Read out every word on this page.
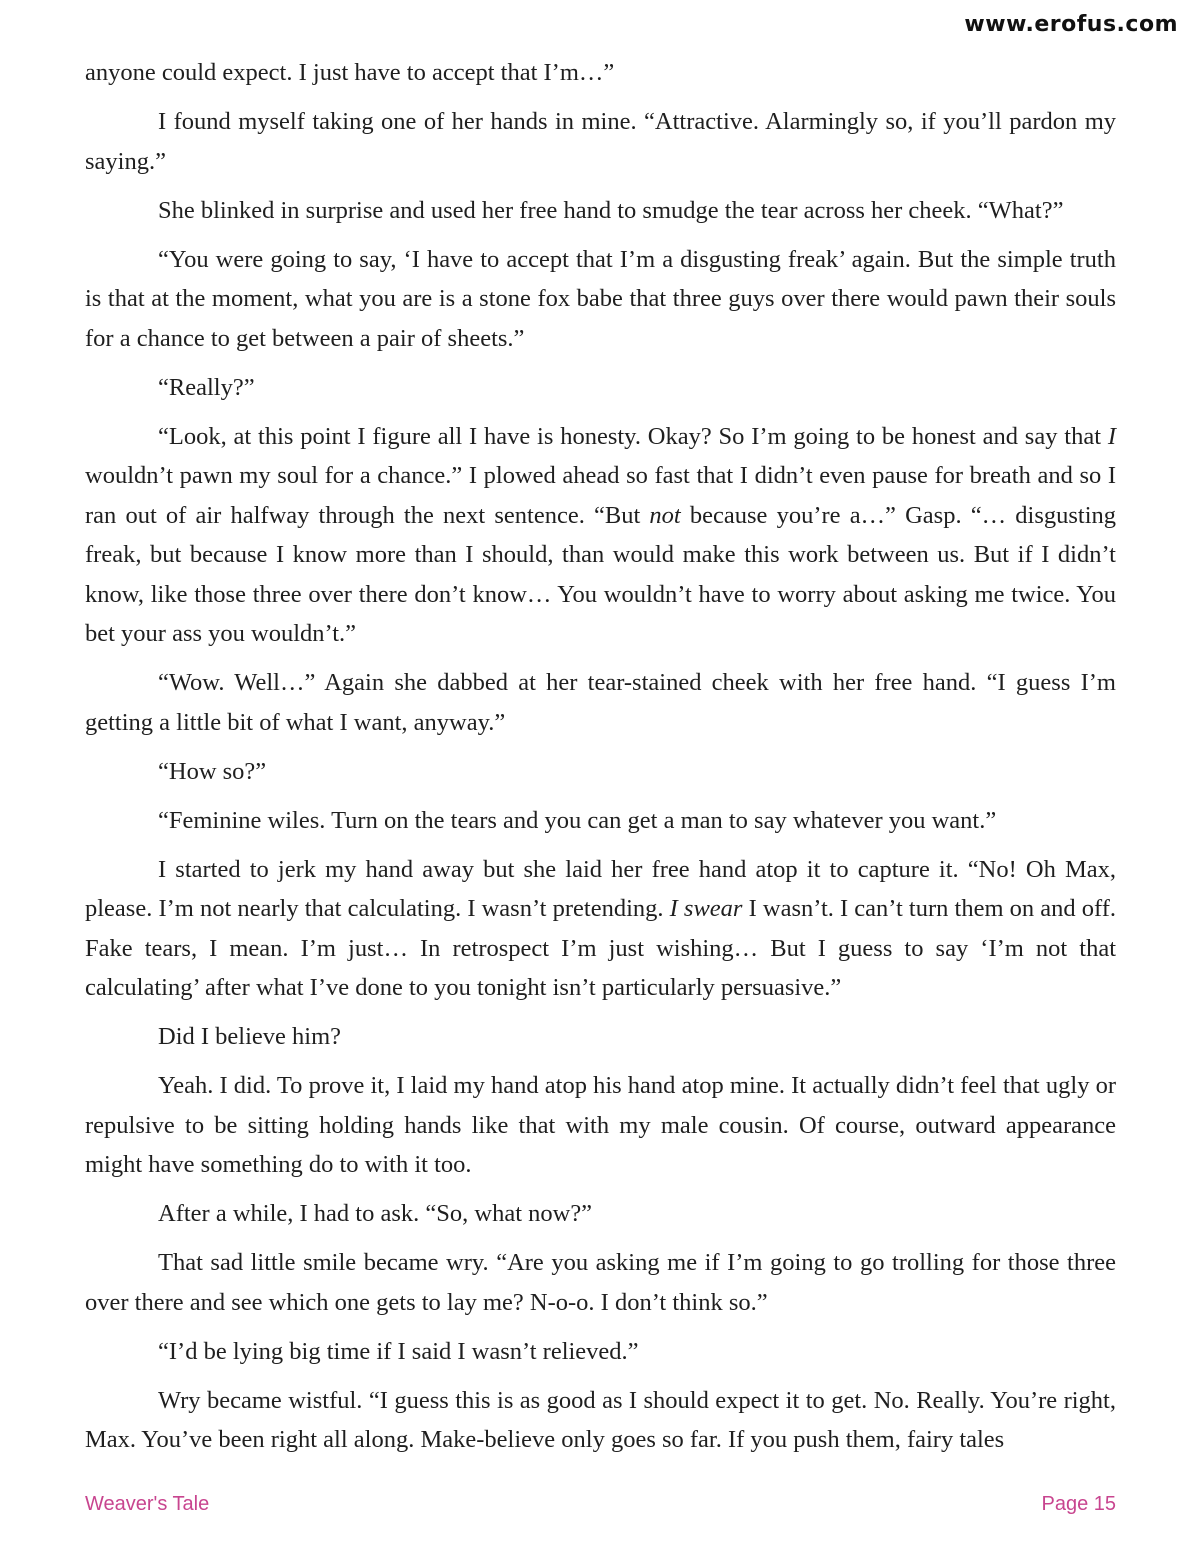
www.erofus.com

anyone could expect. I just have to accept that I’m…”

I found myself taking one of her hands in mine. “Attractive. Alarmingly so, if you’ll pardon my saying.”

She blinked in surprise and used her free hand to smudge the tear across her cheek. “What?”

“You were going to say, ‘I have to accept that I’m a disgusting freak’ again. But the simple truth is that at the moment, what you are is a stone fox babe that three guys over there would pawn their souls for a chance to get between a pair of sheets.”

“Really?”

“Look, at this point I figure all I have is honesty. Okay? So I’m going to be honest and say that I wouldn’t pawn my soul for a chance.” I plowed ahead so fast that I didn’t even pause for breath and so I ran out of air halfway through the next sentence. “But not because you’re a…” Gasp. “… disgusting freak, but because I know more than I should, than would make this work between us. But if I didn’t know, like those three over there don’t know… You wouldn’t have to worry about asking me twice. You bet your ass you wouldn’t.”

“Wow. Well…” Again she dabbed at her tear-stained cheek with her free hand. “I guess I’m getting a little bit of what I want, anyway.”

“How so?”

“Feminine wiles. Turn on the tears and you can get a man to say whatever you want.”

I started to jerk my hand away but she laid her free hand atop it to capture it. “No! Oh Max, please. I’m not nearly that calculating. I wasn’t pretending. I swear I wasn’t. I can’t turn them on and off. Fake tears, I mean. I’m just… In retrospect I’m just wishing… But I guess to say ‘I’m not that calculating’ after what I’ve done to you tonight isn’t particularly persuasive.”

Did I believe him?

Yeah. I did. To prove it, I laid my hand atop his hand atop mine. It actually didn’t feel that ugly or repulsive to be sitting holding hands like that with my male cousin. Of course, outward appearance might have something do to with it too.

After a while, I had to ask. “So, what now?”

That sad little smile became wry. “Are you asking me if I’m going to go trolling for those three over there and see which one gets to lay me? N-o-o. I don’t think so.”

“I’d be lying big time if I said I wasn’t relieved.”

Wry became wistful. “I guess this is as good as I should expect it to get. No. Really. You’re right, Max. You’ve been right all along. Make-believe only goes so far. If you push them, fairy tales

Weaver's Tale	Page 15
